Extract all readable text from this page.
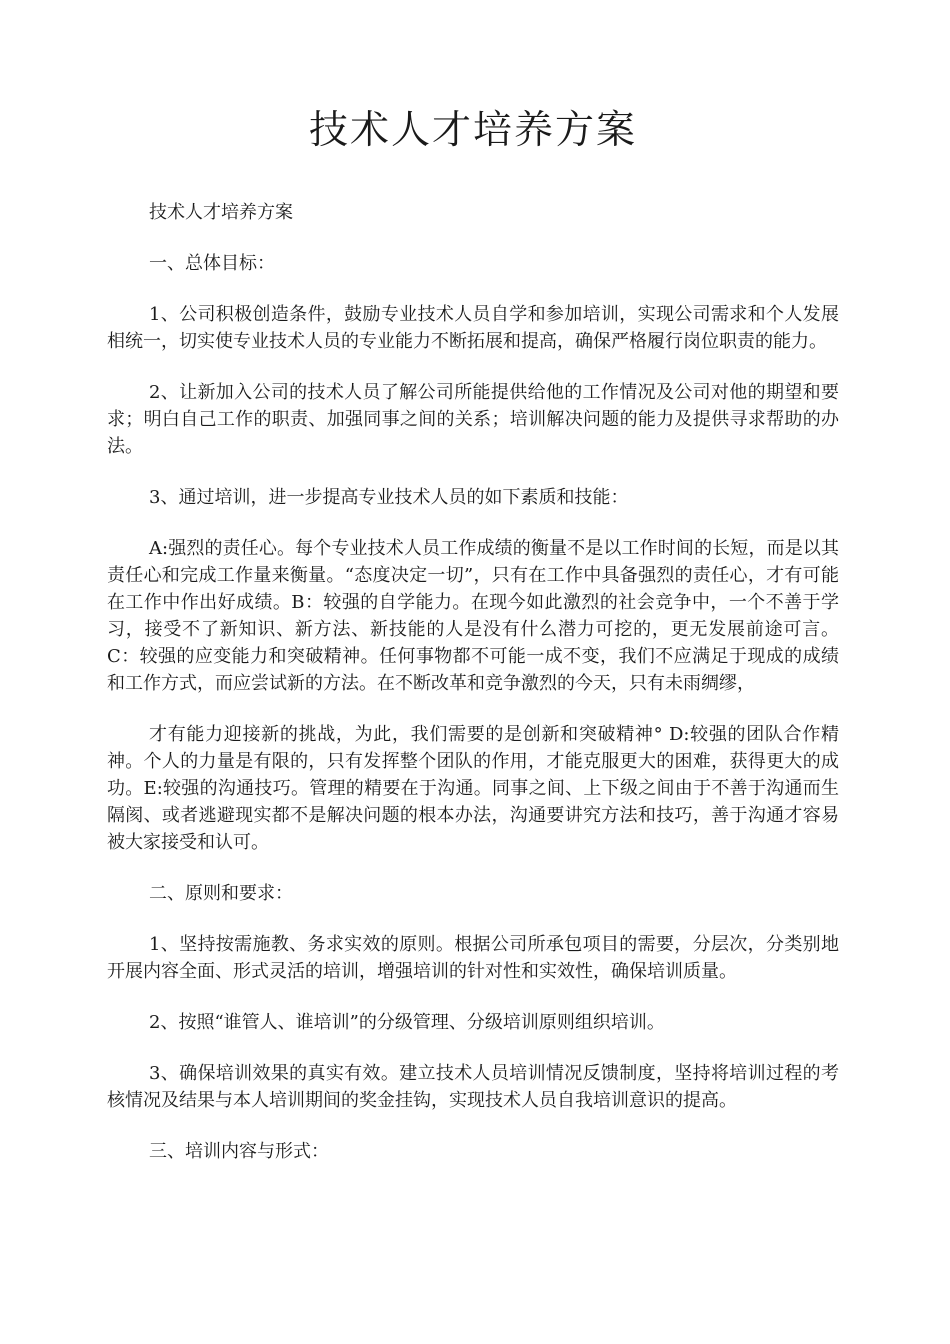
技术人才培养方案

技术人才培养方案

一、总体目标：

1、公司积极创造条件，鼓励专业技术人员自学和参加培训，实现公司需求和个人发展相统一，切实使专业技术人员的专业能力不断拓展和提高，确保严格履行岗位职责的能力。

2、让新加入公司的技术人员了解公司所能提供给他的工作情况及公司对他的期望和要求；明白自己工作的职责、加强同事之间的关系；培训解决问题的能力及提供寻求帮助的办法。

3、通过培训，进一步提高专业技术人员的如下素质和技能：

A:强烈的责任心。每个专业技术人员工作成绩的衡量不是以工作时间的长短，而是以其责任心和完成工作量来衡量。“态度决定一切”，只有在工作中具备强烈的责任心，才有可能在工作中作出好成绩。B：较强的自学能力。在现今如此激烈的社会竞争中，一个不善于学习，接受不了新知识、新方法、新技能的人是没有什么潜力可挖的，更无发展前途可言。C：较强的应变能力和突破精神。任何事物都不可能一成不变，我们不应满足于现成的成绩和工作方式，而应尝试新的方法。在不断改革和竞争激烈的今天，只有未雨绸缪，

才有能力迎接新的挑战，为此，我们需要的是创新和突破精神° D:较强的团队合作精神。个人的力量是有限的，只有发挥整个团队的作用，才能克服更大的困难，获得更大的成功。E:较强的沟通技巧。管理的精要在于沟通。同事之间、上下级之间由于不善于沟通而生隔阂、或者逃避现实都不是解决问题的根本办法，沟通要讲究方法和技巧，善于沟通才容易被大家接受和认可。

二、原则和要求：

1、坚持按需施教、务求实效的原则。根据公司所承包项目的需要，分层次，分类别地开展内容全面、形式灵活的培训，增强培训的针对性和实效性，确保培训质量。

2、按照“谁管人、谁培训”的分级管理、分级培训原则组织培训。

3、确保培训效果的真实有效。建立技术人员培训情况反馈制度，坚持将培训过程的考核情况及结果与本人培训期间的奖金挂钩，实现技术人员自我培训意识的提高。

三、培训内容与形式：
